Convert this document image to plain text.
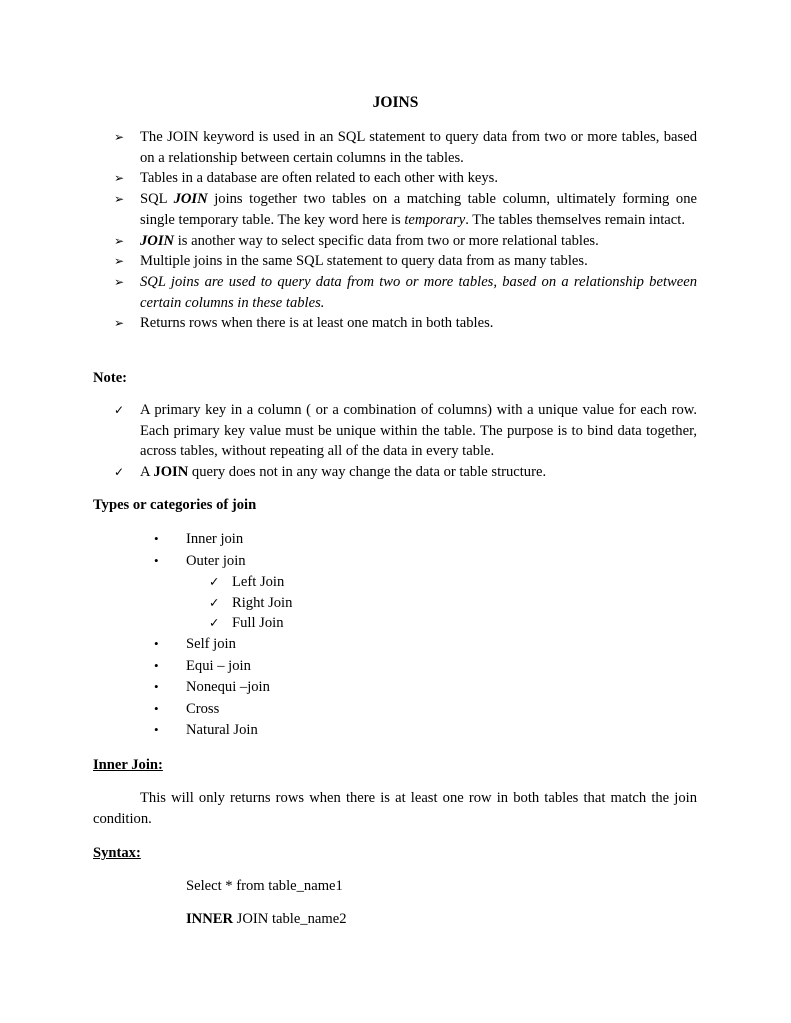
JOINS
➢ The JOIN keyword is used in an SQL statement to query data from two or more tables, based on a relationship between certain columns in the tables.
➢ Tables in a database are often related to each other with keys.
➢ SQL JOIN joins together two tables on a matching table column, ultimately forming one single temporary table. The key word here is temporary. The tables themselves remain intact.
➢ JOIN is another way to select specific data from two or more relational tables.
➢ Multiple joins in the same SQL statement to query data from as many tables.
➢ SQL joins are used to query data from two or more tables, based on a relationship between certain columns in these tables.
➢ Returns rows when there is at least one match in both tables.
Note:
✓ A primary key in a column ( or a combination of columns) with a unique value for each row. Each primary key value must be unique within the table. The purpose is to bind data together, across tables, without repeating all of the data in every table.
✓ A JOIN query does not in any way change the data or table structure.
Types or categories of join
• Inner join
• Outer join
✓ Left Join
✓ Right Join
✓ Full Join
• Self join
• Equi – join
• Nonequi –join
• Cross
• Natural Join
Inner Join:
This will only returns rows when there is at least one row in both tables that match the join condition.
Syntax:
Select * from table_name1
INNER JOIN table_name2
